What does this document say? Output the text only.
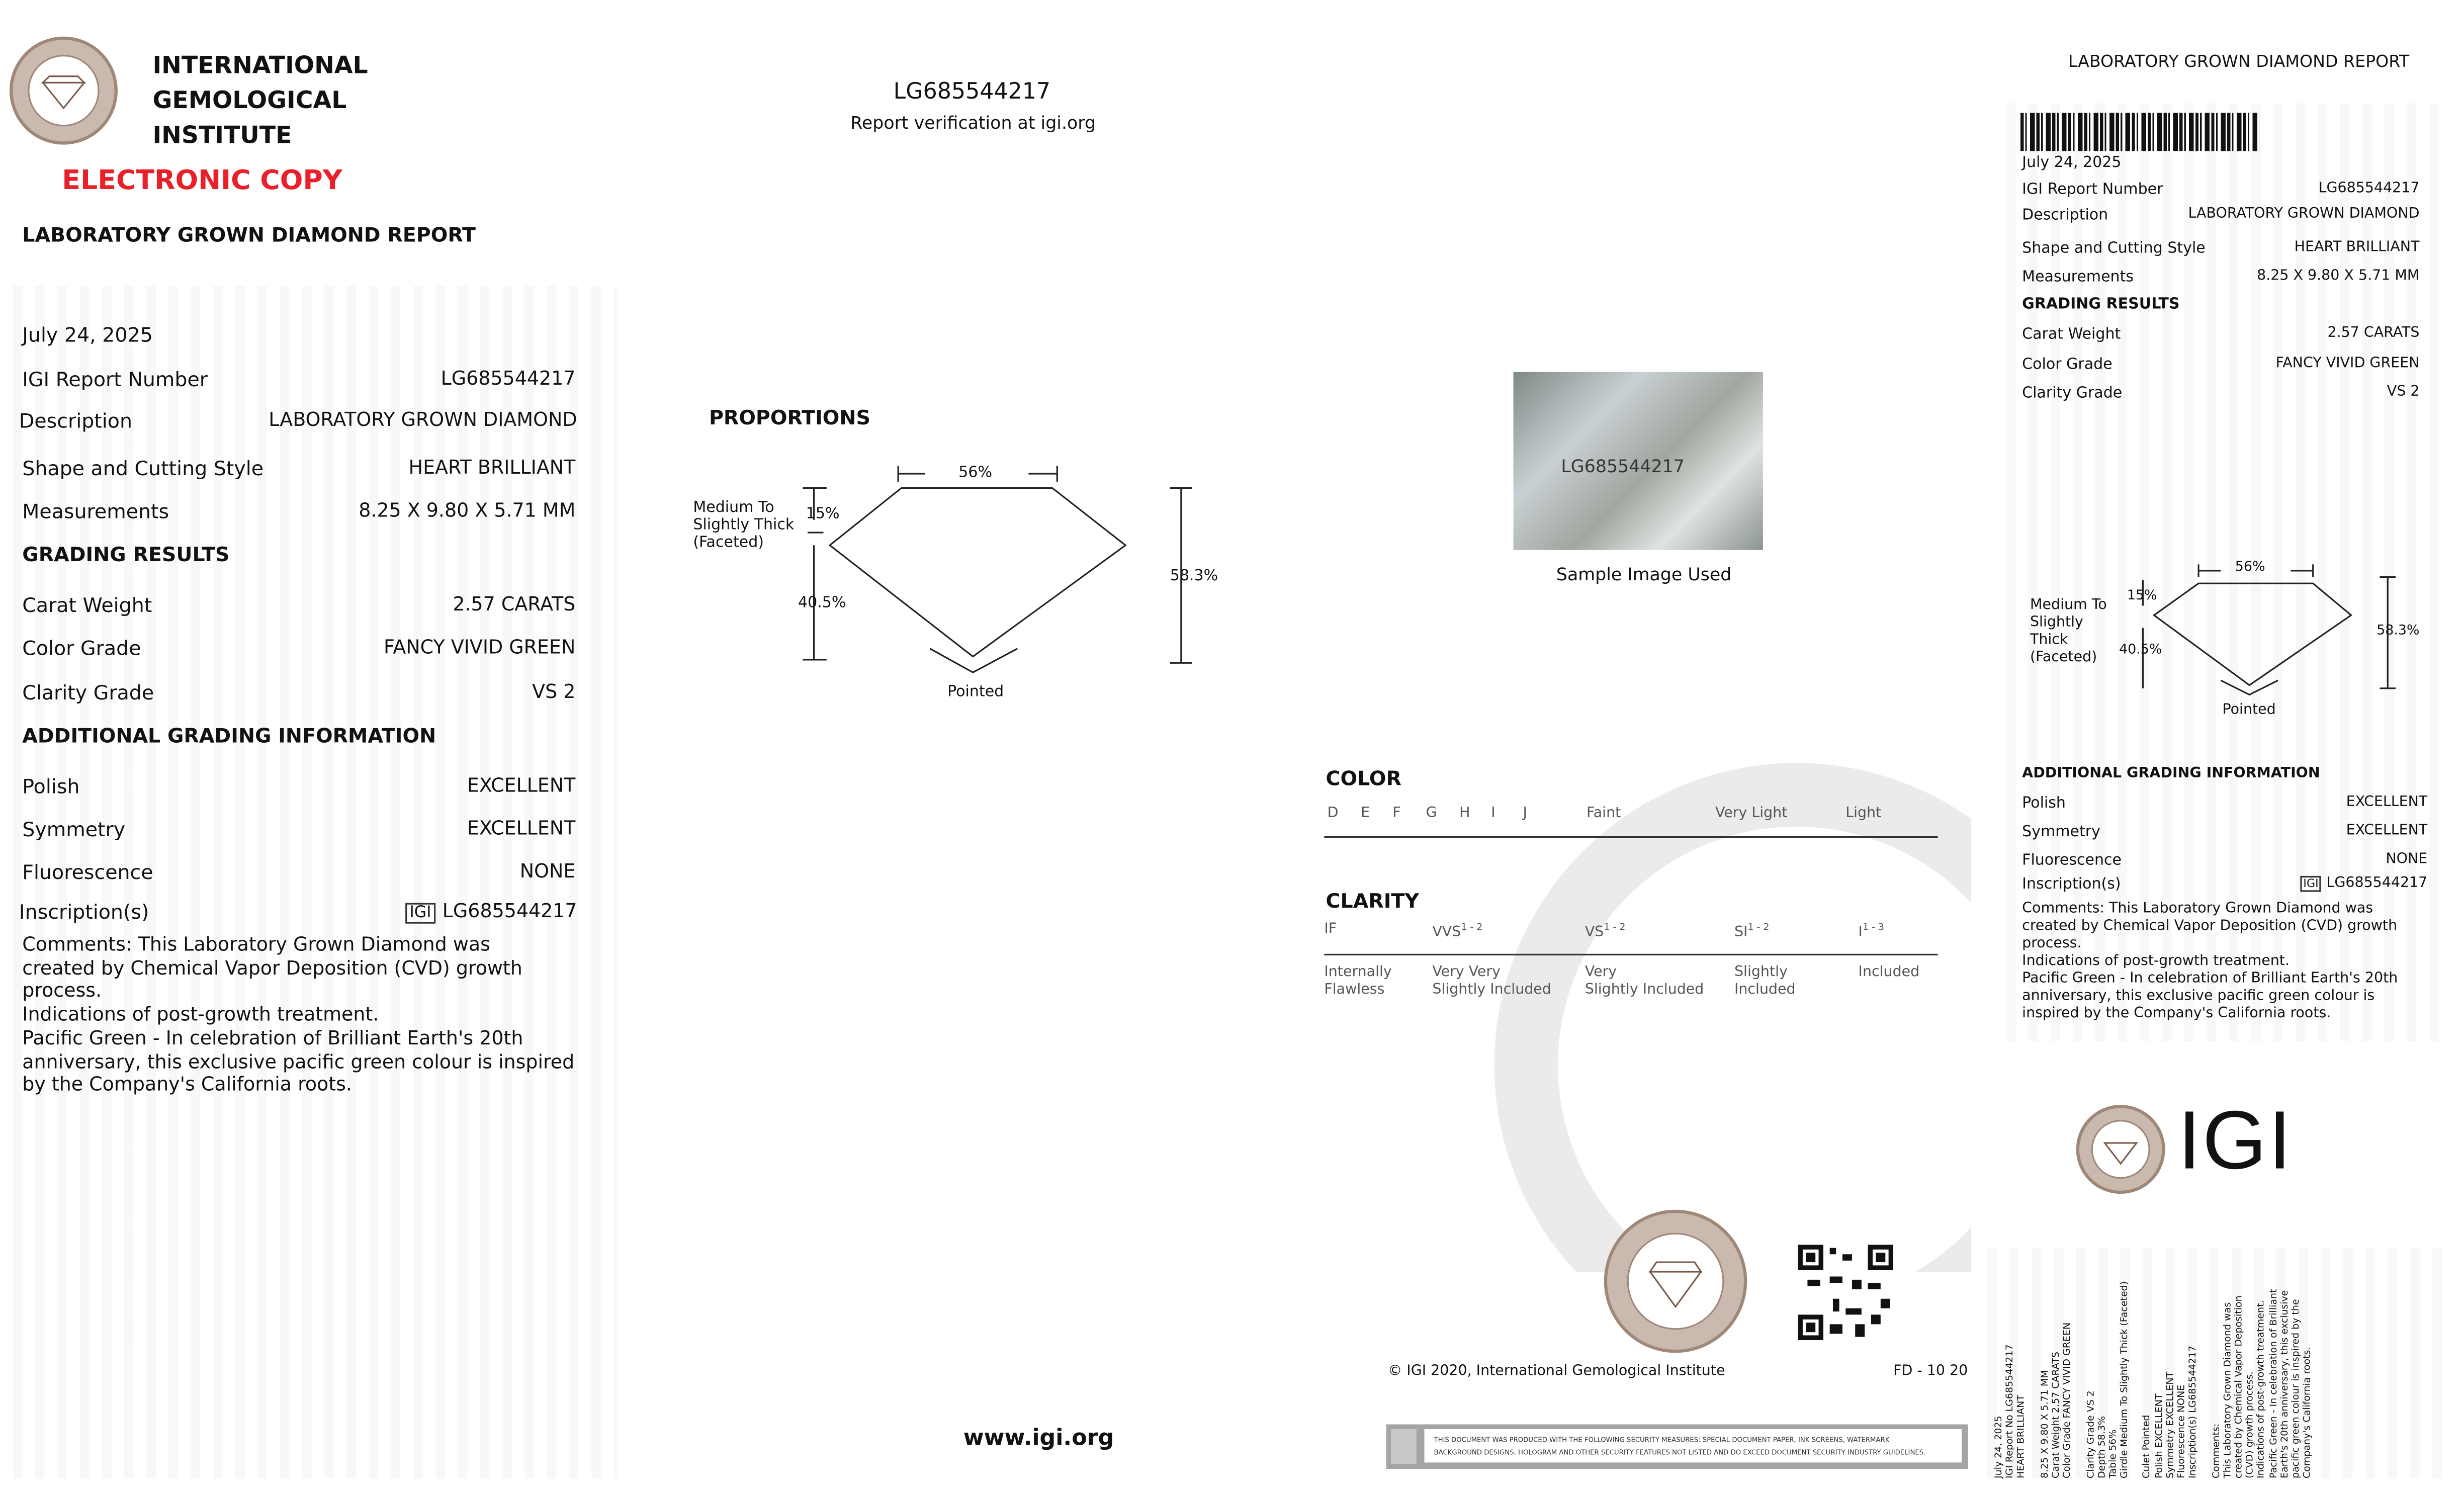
INTERNATIONAL
GEMOLOGICAL
INSTITUTE
ELECTRONIC COPY
LABORATORY GROWN DIAMOND REPORT
LG685544217
Report verification at igi.org
July 24, 2025
IGI Report Number	LG685544217
Description	LABORATORY GROWN DIAMOND
Shape and Cutting Style	HEART BRILLIANT
Measurements	8.25 X 9.80 X 5.71 MM
GRADING RESULTS
Carat Weight	2.57 CARATS
Color Grade	FANCY VIVID GREEN
Clarity Grade	VS 2
ADDITIONAL GRADING INFORMATION
Polish	EXCELLENT
Symmetry	EXCELLENT
Fluorescence	NONE
Inscription(s)	IGI LG685544217
Comments: This Laboratory Grown Diamond was
created by Chemical Vapor Deposition (CVD) growth
process.
Indications of post-growth treatment.
Pacific Green - In celebration of Brilliant Earth's 20th
anniversary, this exclusive pacific green colour is inspired
by the Company's California roots.
PROPORTIONS
56%
15%
40.5%
58.3%
Medium To
Slightly Thick
(Faceted)
Pointed
LG685544217
Sample Image Used
COLOR
D	E	F	G	H	I	J	Faint	Very Light	Light
CLARITY
IF	VVS$^{1 - 2}$	VS$^{1 - 2}$	SI$^{1 - 2}$	$I^{1 - 3}$
Internally
Flawless
Very Very
Slightly Included
Very
Slightly Included
Slightly
Included
Included
© IGI 2020, International Gemological Institute	FD - 10 20
www.igi.org	THIS DOCUMENT WAS PRODUCED WITH THE FOLLOWING SECURITY MEASURES: SPECIAL DOCUMENT PAPER, INK SCREENS, WATERMARK
BACKGROUND DESIGNS, HOLOGRAM AND OTHER SECURITY FEATURES NOT LISTED AND DO EXCEED DOCUMENT SECURITY INDUSTRY GUIDELINES.
LABORATORY GROWN DIAMOND REPORT
July 24, 2025
IGI Report Number	LG685544217
Description	LABORATORY GROWN DIAMOND
Shape and Cutting Style	HEART BRILLIANT
Measurements	8.25 X 9.80 X 5.71 MM
GRADING RESULTS
Carat Weight	2.57 CARATS
Color Grade	FANCY VIVID GREEN
Clarity Grade	VS 2
56%
15%
40.5%
58.3%
Medium To
Slightly
Thick
(Faceted)
Pointed
ADDITIONAL GRADING INFORMATION
Polish	EXCELLENT
Symmetry	EXCELLENT
Fluorescence	NONE
Inscription(s)	IGI LG685544217
Comments: This Laboratory Grown Diamond was
created by Chemical Vapor Deposition (CVD) growth
process.
Indications of post-growth treatment.
Pacific Green - In celebration of Brilliant Earth's 20th
anniversary, this exclusive pacific green colour is
inspired by the Company's California roots.
IGI
July 24, 2025 IGI Report No LG685544217 HEART BRILLIANT
	8.25 X 9.80 X 5.71 MM Carat Weight 2.57 CARATS Color Grade FANCY VIVID GREEN
	Clarity Grade VS 2 Depth 58.3% Table 56% Girdle Medium To Slightly Thick (Faceted)
	Culet Pointed Polish EXCELLENT Symmetry EXCELLENT Fluorescence NONE Inscription(s) LG685544217
	Comments: This Laboratory Grown Diamond was created by Chemical Vapor Deposition (CVD) growth process. Indications of post-growth treatment. Pacific Green - In celebration of Brilliant Earth's 20th anniversary, this exclusive pacific green colour is inspired by the Company's California roots.
